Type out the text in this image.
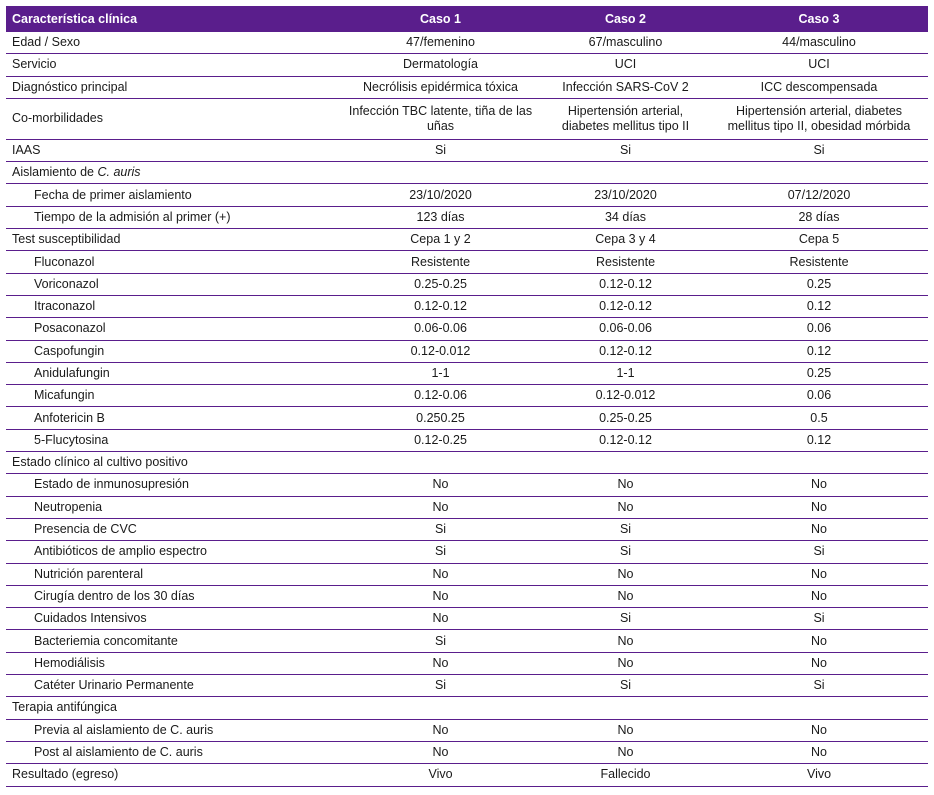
Característica clínica	Caso 1	Caso 2	Caso 3
Edad / Sexo	47/femenino	67/masculino	44/masculino
Servicio	Dermatología	UCI	UCI
Diagnóstico principal	Necrólisis epidérmica tóxica	Infección SARS-CoV 2	ICC descompensada
Co-morbilidades	Infección TBC latente, tiña de las uñas	Hipertensión arterial, diabetes mellitus tipo II	Hipertensión arterial, diabetes mellitus tipo II, obesidad mórbida
IAAS	Si	Si	Si
Aislamiento de C. auris			
Fecha de primer aislamiento	23/10/2020	23/10/2020	07/12/2020
Tiempo de la admisión al primer (+)	123 días	34 días	28 días
Test susceptibilidad	Cepa 1 y 2	Cepa 3 y 4	Cepa 5
Fluconazol	Resistente	Resistente	Resistente
Voriconazol	0.25-0.25	0.12-0.12	0.25
Itraconazol	0.12-0.12	0.12-0.12	0.12
Posaconazol	0.06-0.06	0.06-0.06	0.06
Caspofungin	0.12-0.012	0.12-0.12	0.12
Anidulafungin	1-1	1-1	0.25
Micafungin	0.12-0.06	0.12-0.012	0.06
Anfotericin B	0.250.25	0.25-0.25	0.5
5-Flucytosina	0.12-0.25	0.12-0.12	0.12
Estado clínico al cultivo positivo			
Estado de inmunosupresión	No	No	No
Neutropenia	No	No	No
Presencia de CVC	Si	Si	No
Antibióticos de amplio espectro	Si	Si	Si
Nutrición parenteral	No	No	No
Cirugía dentro de los 30 días	No	No	No
Cuidados Intensivos	No	Si	Si
Bacteriemia concomitante	Si	No	No
Hemodiálisis	No	No	No
Catéter Urinario Permanente	Si	Si	Si
Terapia antifúngica			
Previa al aislamiento de C. auris	No	No	No
Post al aislamiento de C. auris	No	No	No
Resultado (egreso)	Vivo	Fallecido	Vivo
